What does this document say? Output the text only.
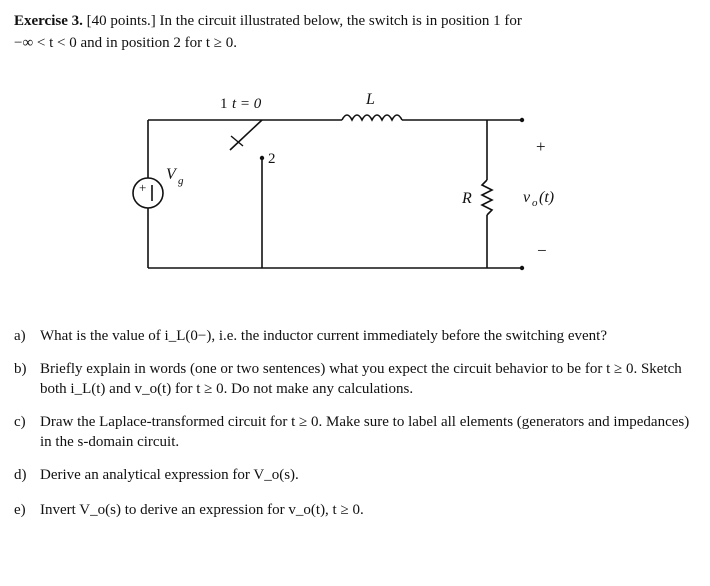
Exercise 3. [40 points.] In the circuit illustrated below, the switch is in position 1 for
−∞ < t < 0 and in position 2 for t ≥ 0.
+
1 t = 0
2
L
V g
R	v o (t)
+
−
a) What is the value of i_L(0−), i.e. the inductor current immediately before the switching event?
b) Briefly explain in words (one or two sentences) what you expect the circuit behavior to be for t ≥ 0. Sketch both i_L(t) and v_o(t) for t ≥ 0. Do not make any calculations.
c) Draw the Laplace-transformed circuit for t ≥ 0. Make sure to label all elements (generators and impedances) in the s-domain circuit.
d) Derive an analytical expression for V_o(s).
e) Invert V_o(s) to derive an expression for v_o(t), t ≥ 0.
